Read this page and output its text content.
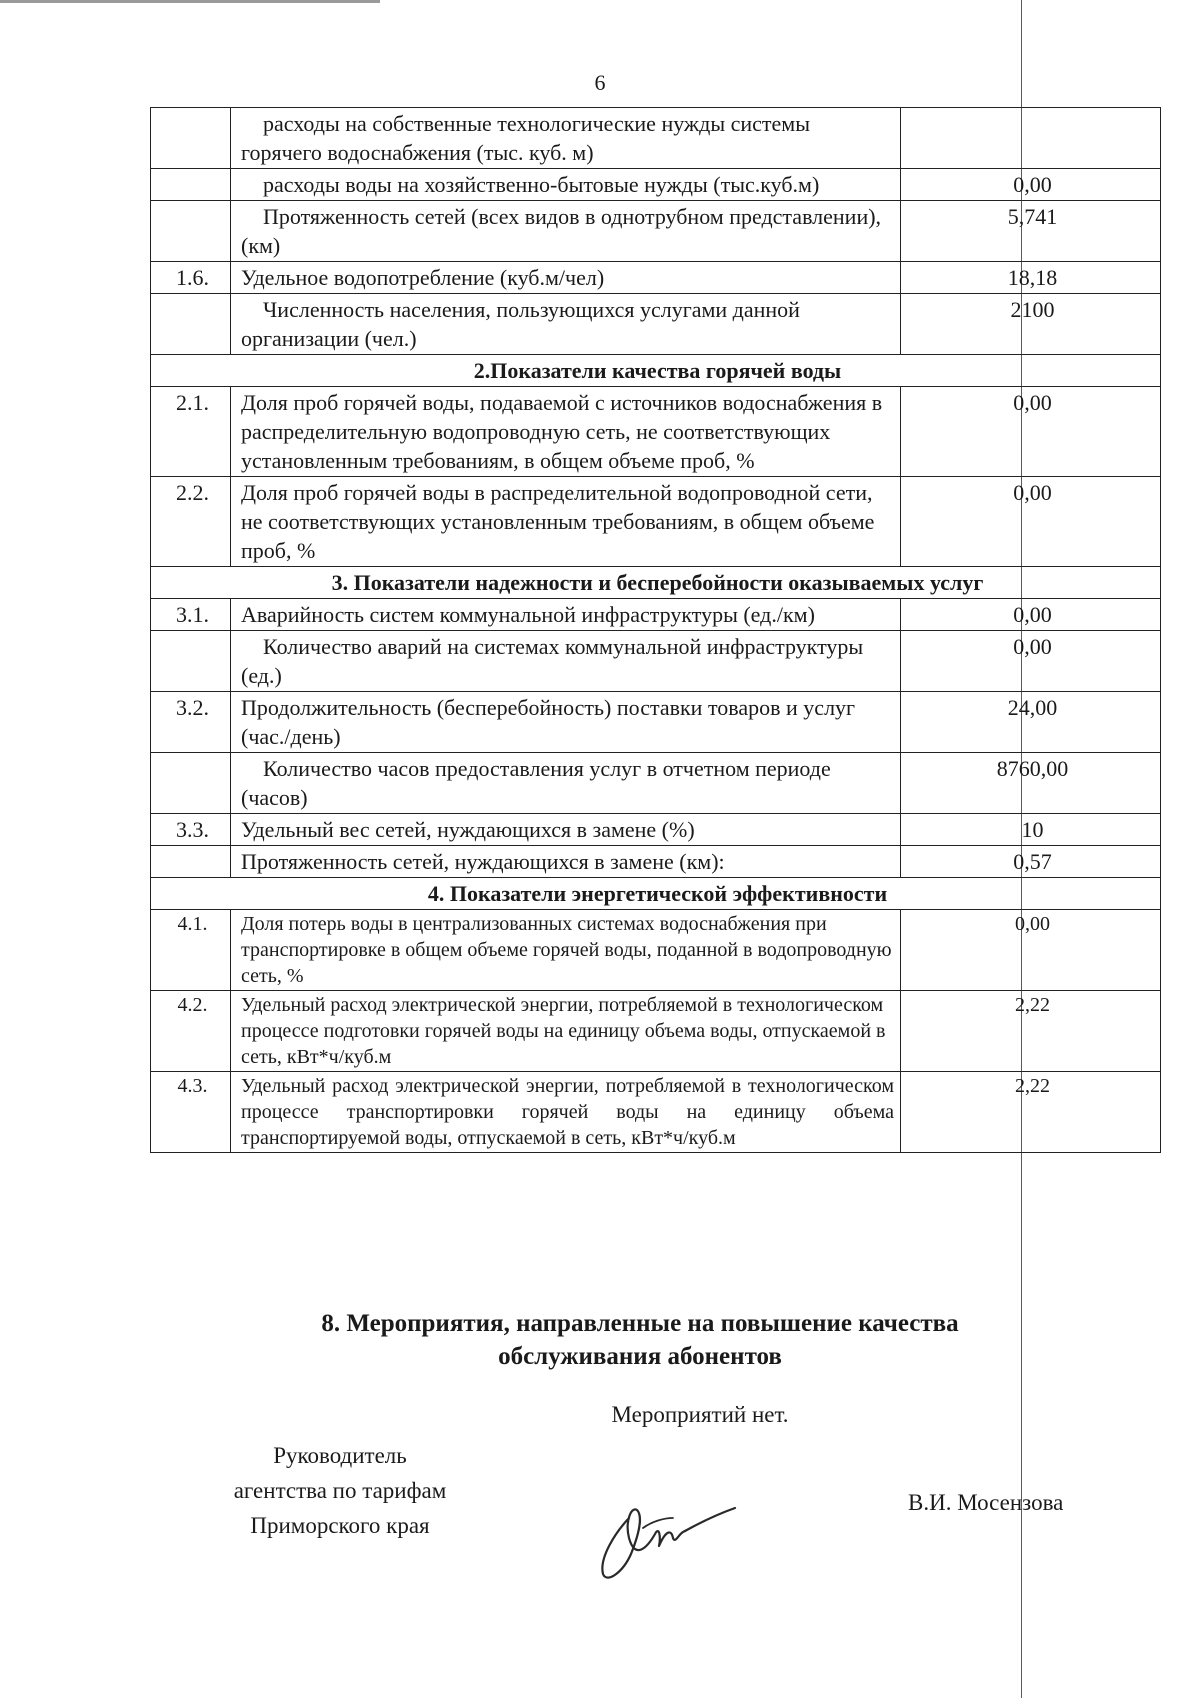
6
	расходы на собственные технологические нужды системы горячего водоснабжения (тыс. куб. м)	
	расходы воды на хозяйственно-бытовые нужды (тыс.куб.м)	0,00
	Протяженность сетей (всех видов в однотрубном представлении), (км)	5,741
1.6.	Удельное водопотребление (куб.м/чел)	18,18
	Численность населения, пользующихся услугами данной организации (чел.)	2100
2.Показатели качества горячей воды		
2.1.	Доля проб горячей воды, подаваемой с источников водоснабжения в распределительную водопроводную сеть, не соответствующих установленным требованиям, в общем объеме проб, %	0,00
2.2.	Доля проб горячей воды в распределительной водопроводной сети, не соответствующих установленным требованиям, в общем объеме проб, %	0,00
3. Показатели надежности и бесперебойности оказываемых услуг		
3.1.	Аварийность систем коммунальной инфраструктуры (ед./км)	0,00
	Количество аварий на системах коммунальной инфраструктуры (ед.)	0,00
3.2.	Продолжительность (бесперебойность) поставки товаров и услуг (час./день)	24,00
	Количество часов предоставления услуг в отчетном периоде (часов)	8760,00
3.3.	Удельный вес сетей, нуждающихся в замене (%)	10
	Протяженность сетей, нуждающихся в замене (км):	0,57
4. Показатели энергетической эффективности		
4.1.	Доля потерь воды в централизованных системах водоснабжения при транспортировке в общем объеме горячей воды, поданной в водопроводную сеть, %	0,00
4.2.	Удельный расход электрической энергии, потребляемой в технологическом процессе подготовки горячей воды на единицу объема воды, отпускаемой в сеть, кВт*ч/куб.м	2,22
4.3.	Удельный расход электрической энергии, потребляемой в технологическом процессе транспортировки горячей воды на единицу объема транспортируемой воды, отпускаемой в сеть, кВт*ч/куб.м	2,22
8. Мероприятия, направленные на повышение качества
обслуживания абонентов
Мероприятий нет.
Руководитель
агентства по тарифам
Приморского края
В.И. Мосензова
